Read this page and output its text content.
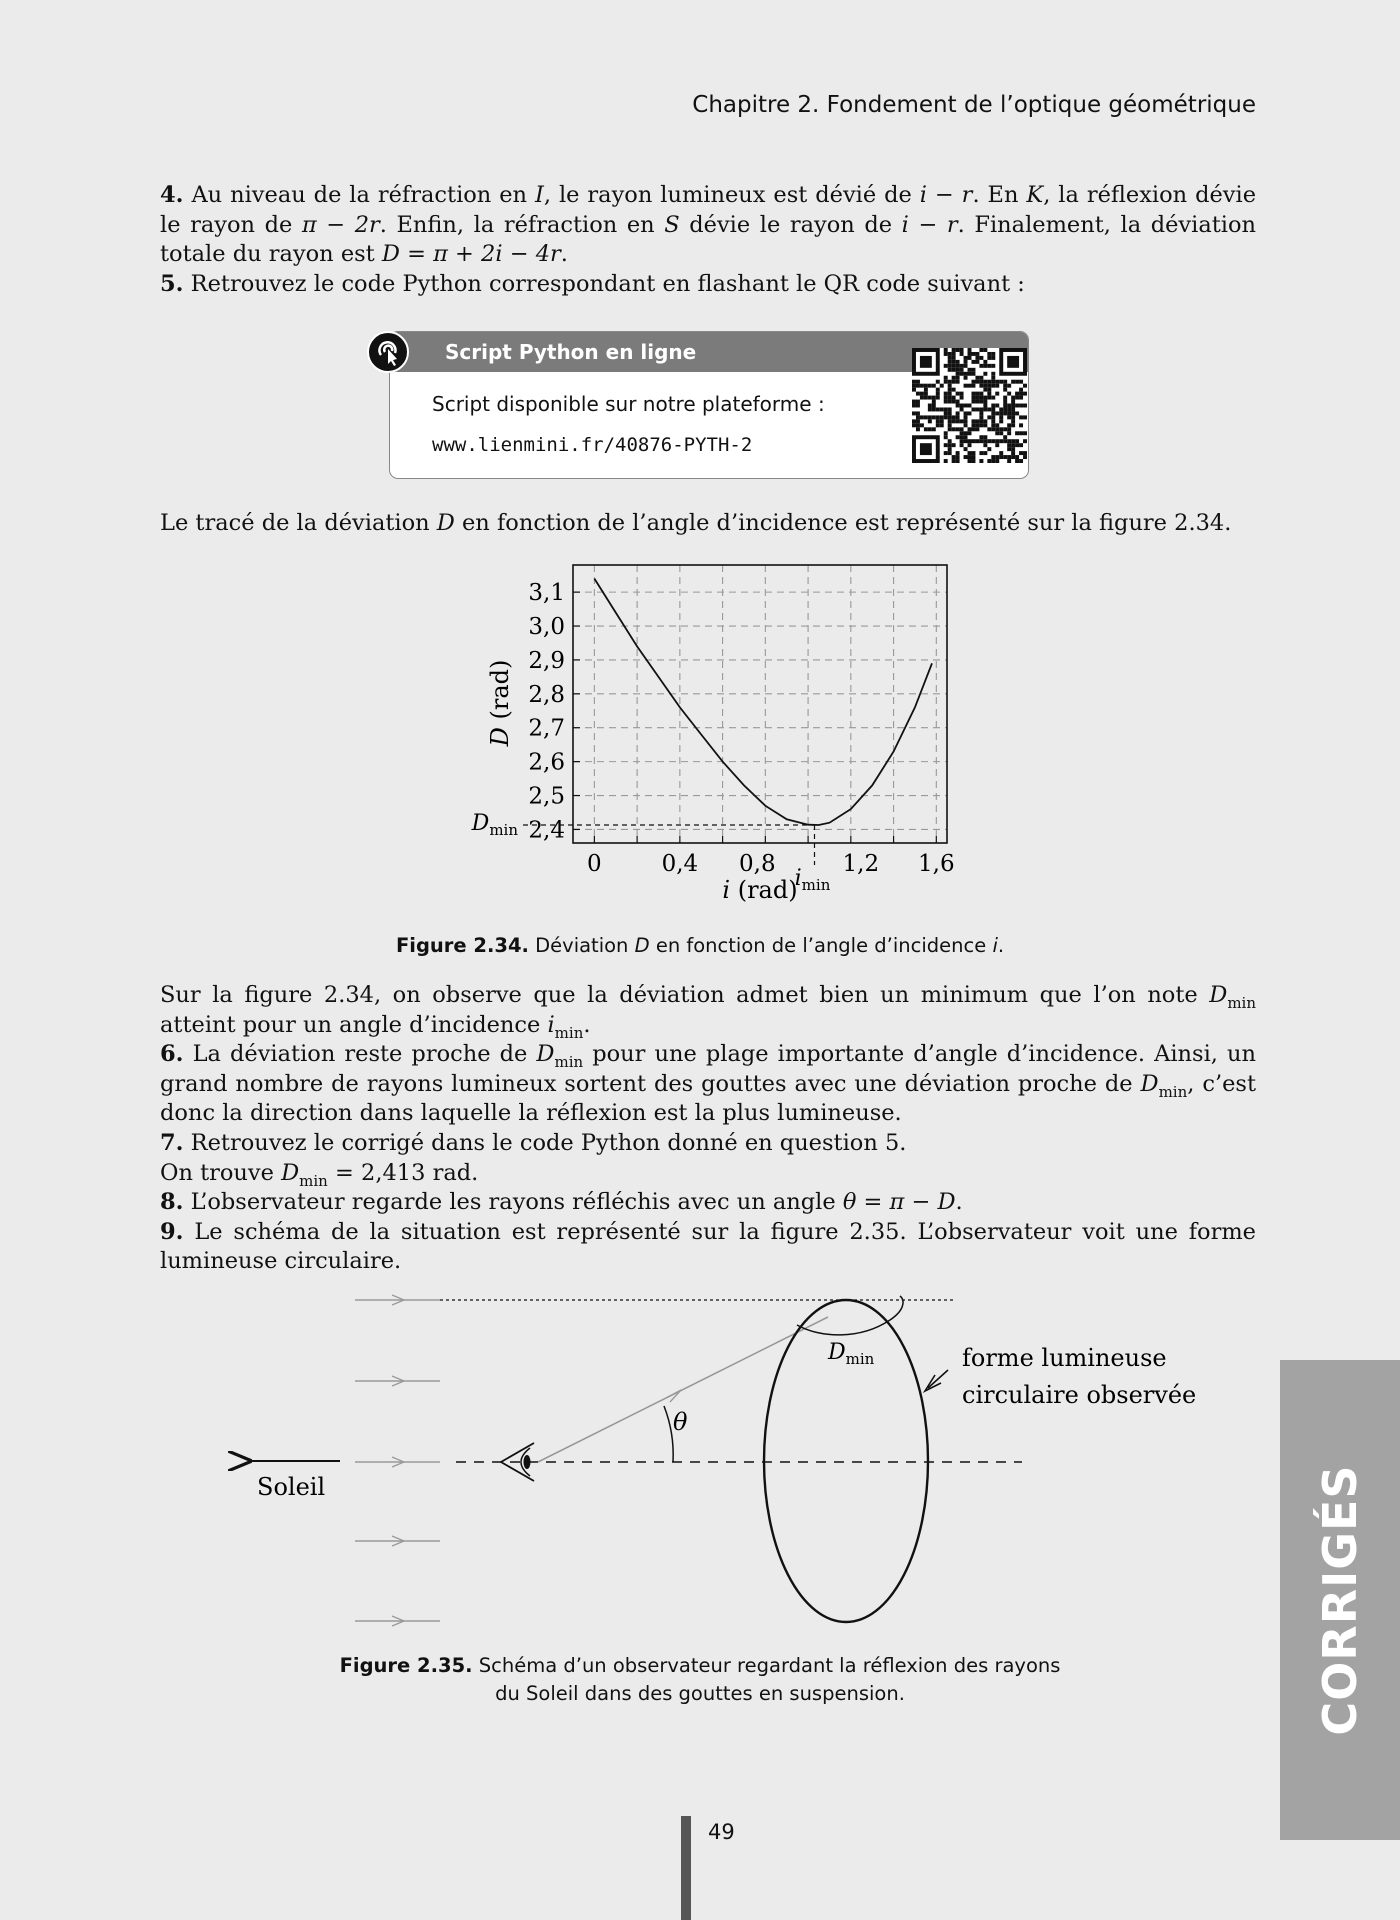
Chapitre 2. Fondement de l’optique géométrique

4. Au niveau de la réfraction en I, le rayon lumineux est dévié de i − r. En K, la réflexion dévie le rayon de π − 2r. Enfin, la réfraction en S dévie le rayon de i − r. Finalement, la déviation totale du rayon est D = π + 2i − 4r.

5. Retrouvez le code Python correspondant en flashant le QR code suivant :

Script Python en ligne
Script disponible sur notre plateforme :
www.lienmini.fr/40876-PYTH-2

Le tracé de la déviation D en fonction de l’angle d’incidence est représenté sur la figure 2.34.

3,1
3,0
2,9
2,8
2,7
2,6
2,5
2,4
0	0,4 0,8	1,2 1,6
$D_{min}$
$i_{min}$
i (rad)
D (rad)
Figure 2.34. Déviation D en fonction de l’angle d’incidence i.

Sur la figure 2.34, on observe que la déviation admet bien un minimum que l’on note $D_{min}$ atteint pour un angle d’incidence $i_{min}$.

6. La déviation reste proche de $D_{min}$ pour une plage importante d’angle d’incidence. Ainsi, un grand nombre de rayons lumineux sortent des gouttes avec une déviation proche de $D_{min}$, c’est donc la direction dans laquelle la réflexion est la plus lumineuse.

7. Retrouvez le corrigé dans le code Python donné en question 5.

On trouve $D_{min} = 2,413$ rad.

8. L’observateur regarde les rayons réfléchis avec un angle θ = π − D.

9. Le schéma de la situation est représenté sur la figure 2.35. L’observateur voit une forme lumineuse circulaire.

$D_{min}$
θ
forme lumineuse
circulaire observée
Soleil
Figure 2.35. Schéma d’un observateur regardant la réflexion des rayons
du Soleil dans des gouttes en suspension.	CORRIGÉS
49
